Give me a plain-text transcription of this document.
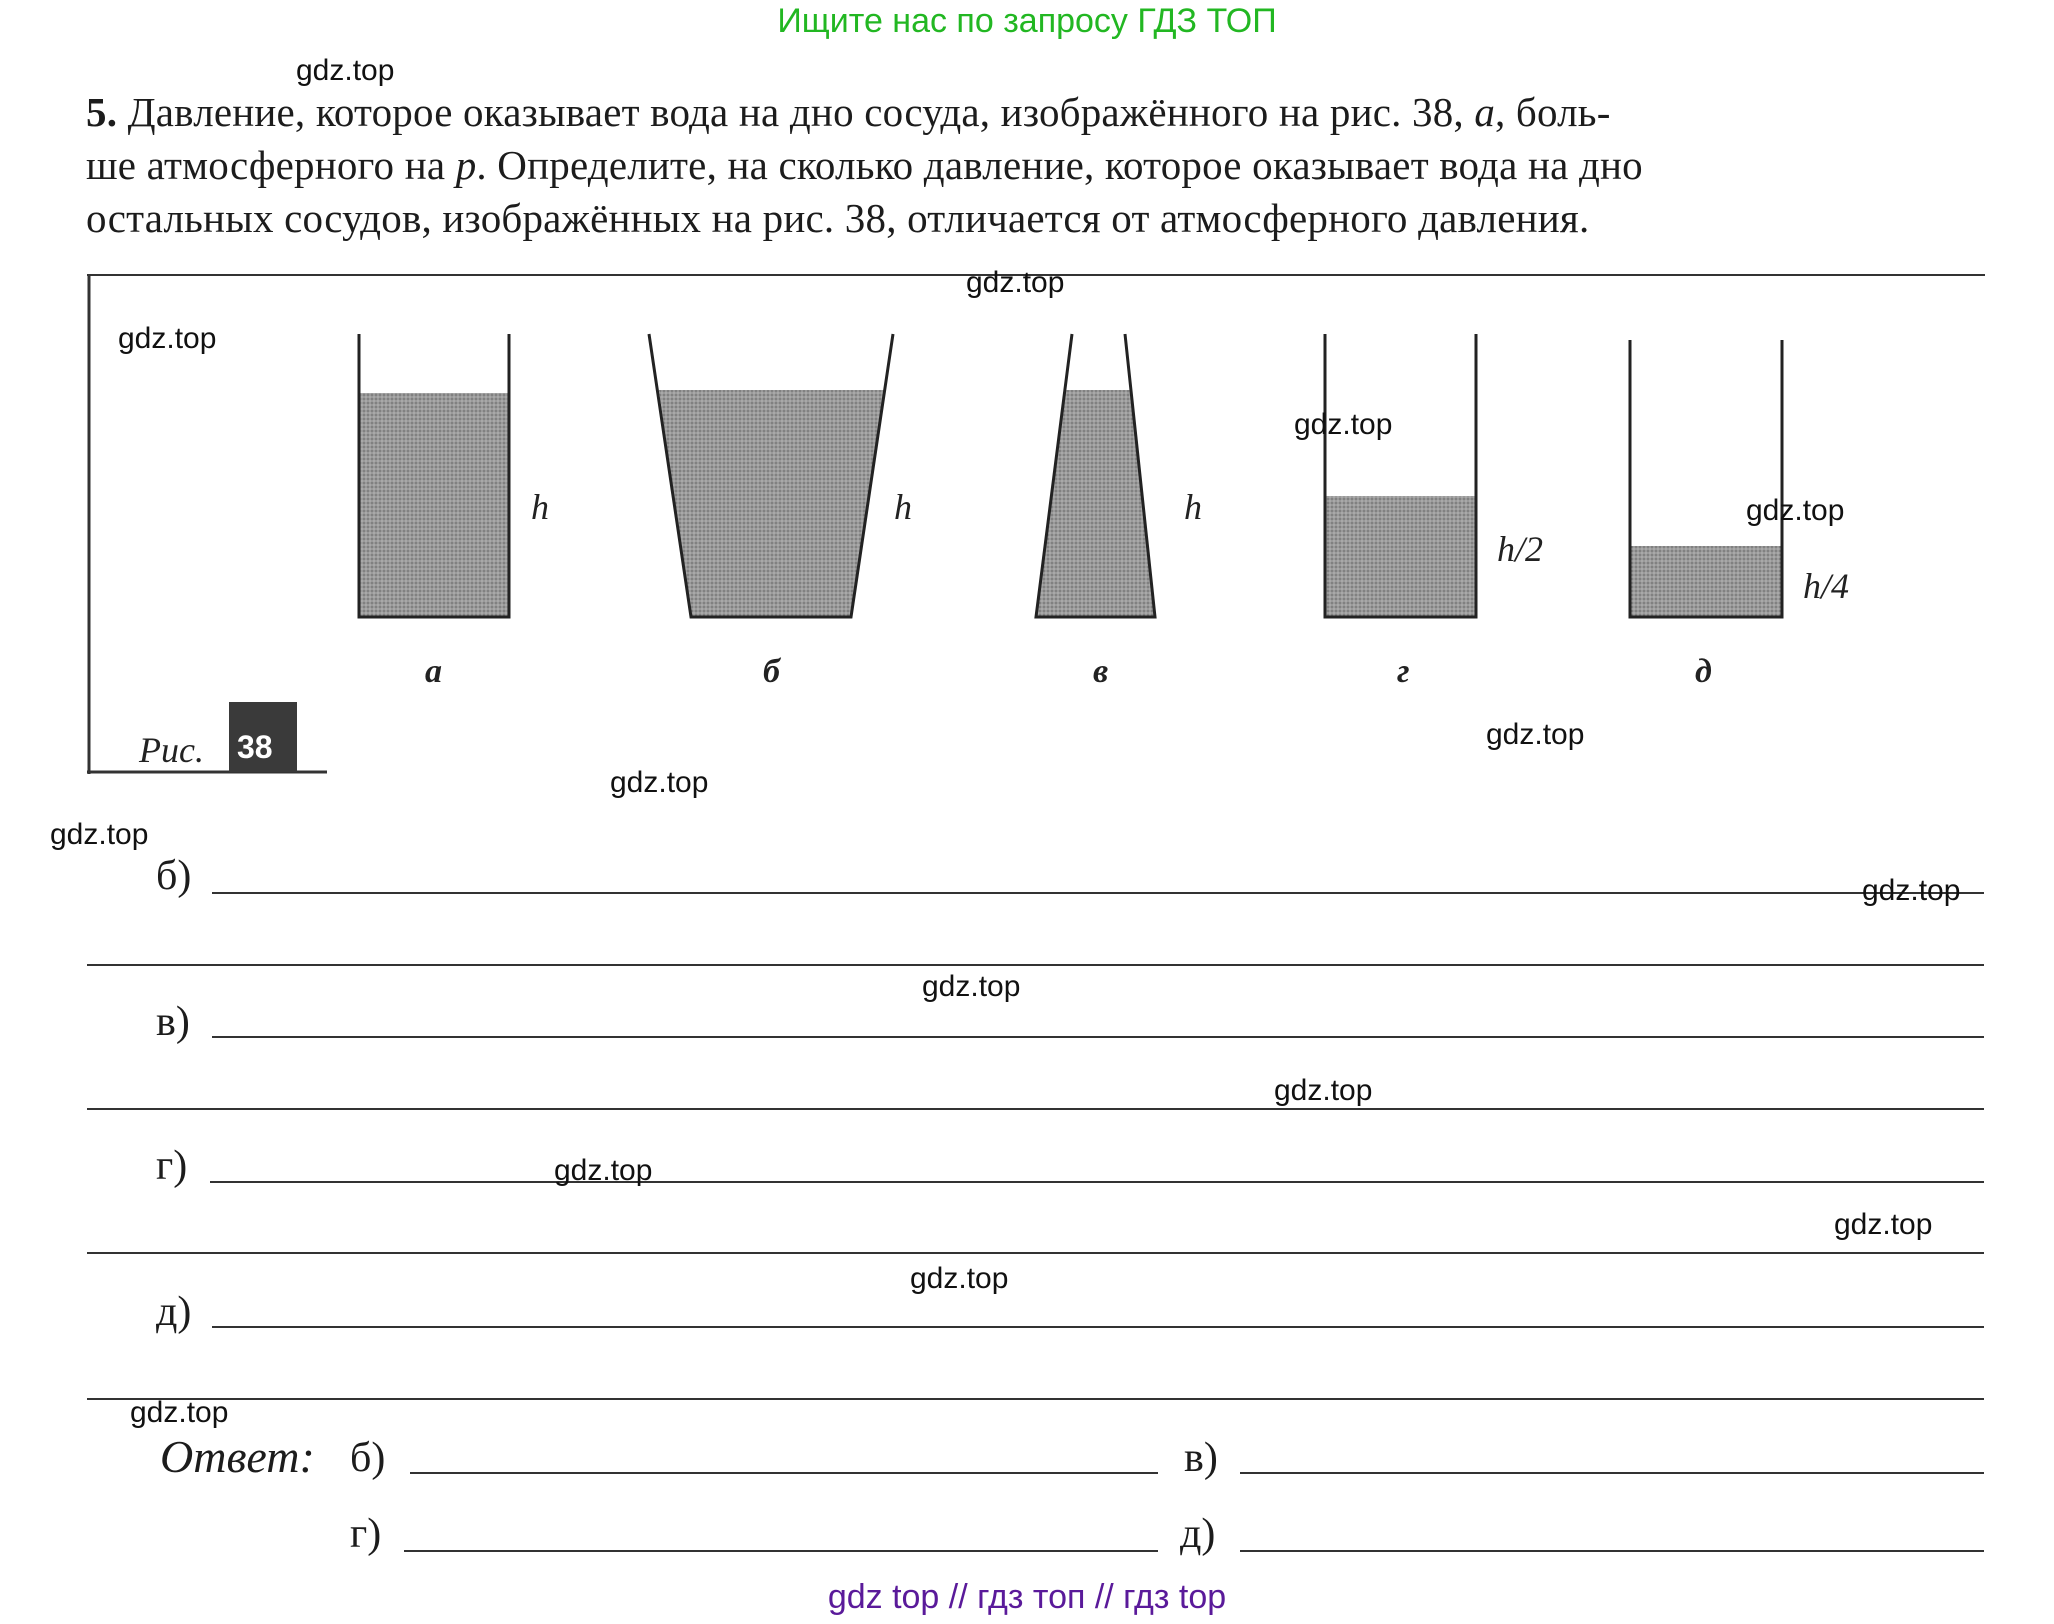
Ищите нас по запросу ГДЗ ТОП
5. Давление, которое оказывает вода на дно сосуда, изображённого на рис. 38, a, боль-
ше атмосферного на p. Определите, на сколько давление, которое оказывает вода на дно
остальных сосудов, изображённых на рис. 38, отличается от атмосферного давления.
h	h	h
h/2
h/4
а	б	в	г	д
Рис. 38
б)
в)
г)
д)
Ответ: б)	в)
г)	д)
gdz.top
gdz.top
gdz.top
gdz.top
gdz.top
gdz.top
gdz.top
gdz.top
gdz.top
gdz.top
gdz.top
gdz.top
gdz.top
gdz.top
gdz.top
gdz top // гдз топ // гдз top
